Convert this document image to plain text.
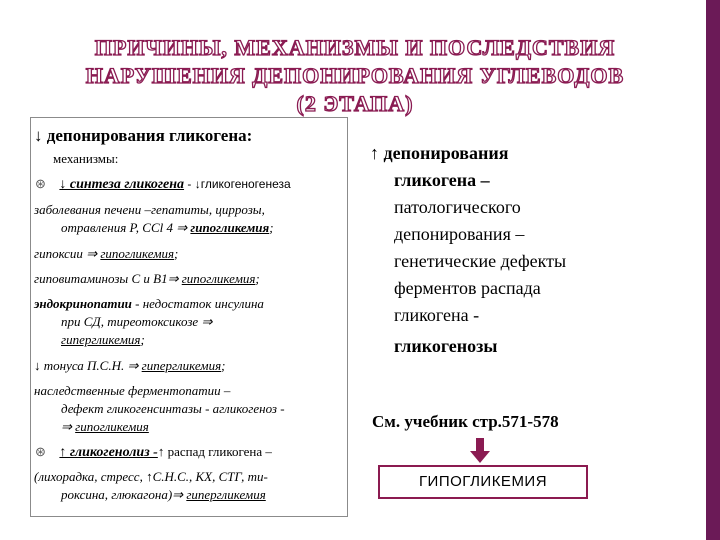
ПРИЧИНЫ, МЕХАНИЗМЫ И ПОСЛЕДСТВИЯ
НАРУШЕНИЯ ДЕПОНИРОВАНИЯ УГЛЕВОДОВ
(2 ЭТАПА)
↓ депонирования гликогена:
механизмы:
⊛ ↓ синтеза гликогена - ↓гликогеногенеза
заболевания печени –гепатиты, циррозы,
отравления P, CCl 4 ⇒ гипогликемия;
гипоксии ⇒ гипогликемия;
гиповитаминозы С и В1⇒ гипогликемия;
эндокринопатии - недостаток инсулина
при СД, тиреотоксикозе ⇒
гипергликемия;
↓ тонуса П.С.Н. ⇒ гипергликемия;
наследственные ферментопатии –
дефект гликогенсинтазы - агликогеноз -
⇒ гипогликемия
⊛ ↑ гликогенолиз -↑ распад гликогена –
(лихорадка, стресс, ↑С.Н.С., КХ, СТГ, ти-
роксина, глюкагона)⇒ гипергликемия
↑ депонирования
гликогена –
патологического
депонирования –
генетические дефекты
ферментов распада
гликогена -
гликогенозы
См. учебник стр.571-578
ГИПОГЛИКЕМИЯ
